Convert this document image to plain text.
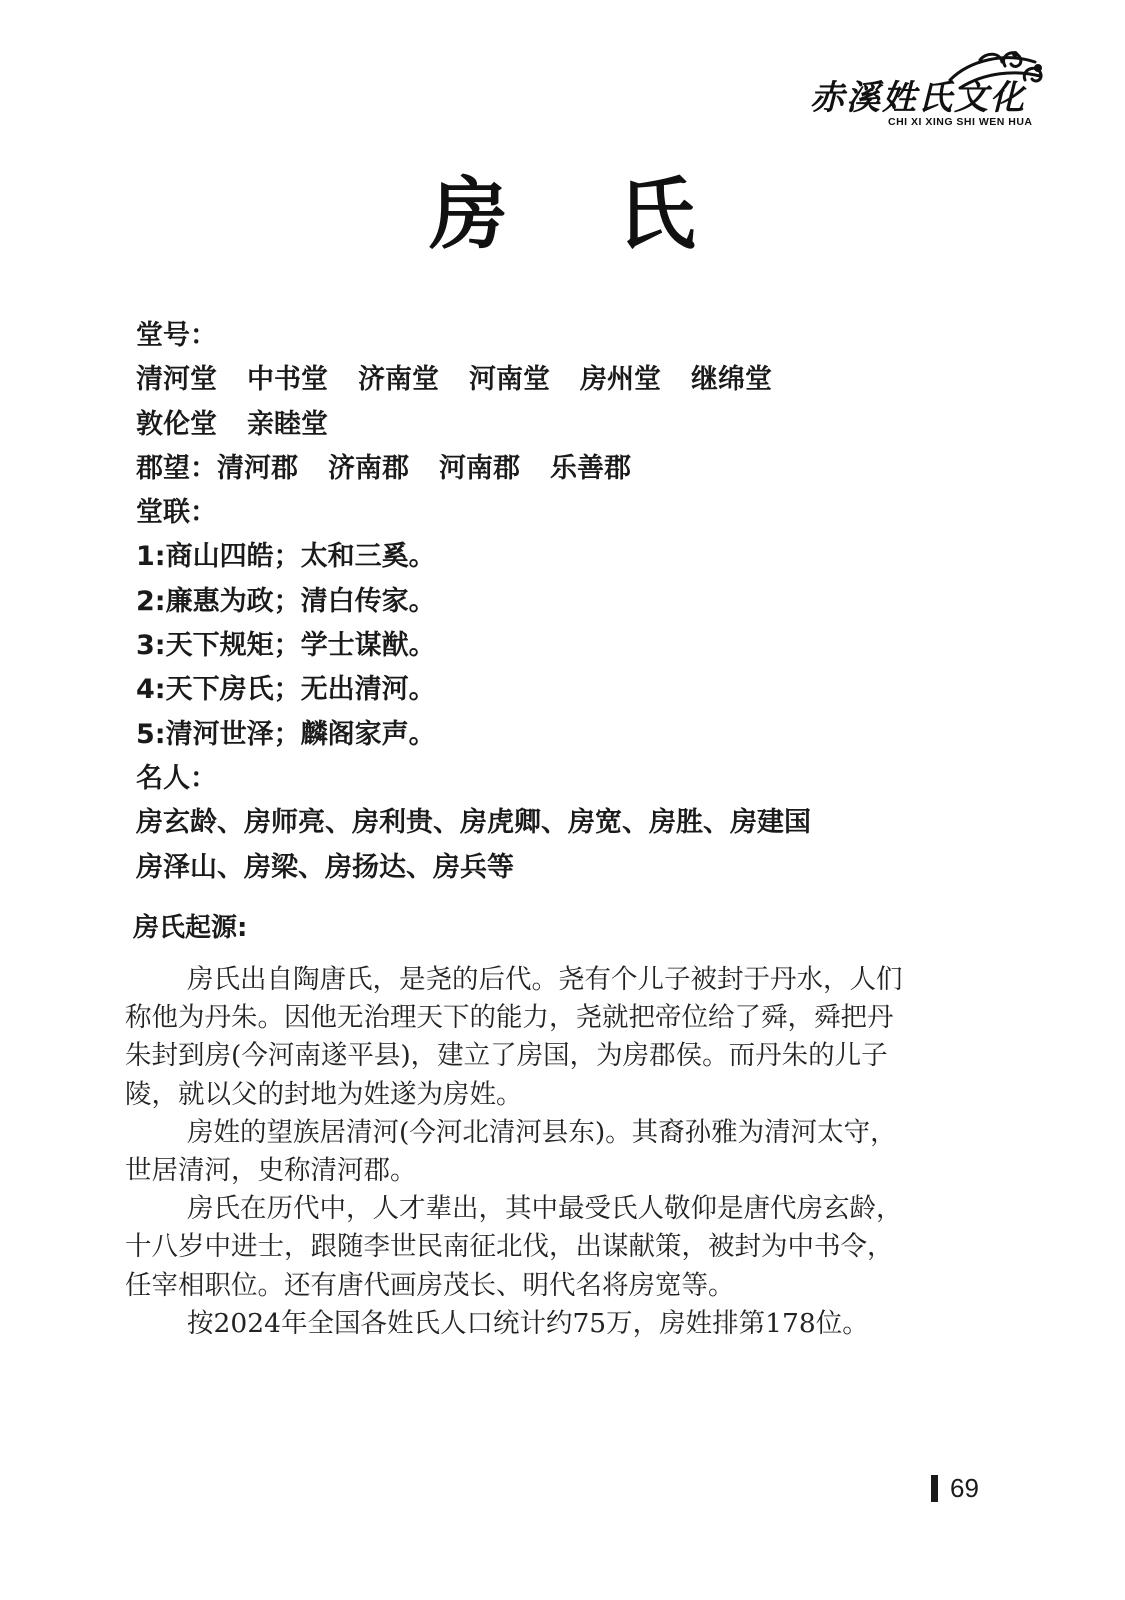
赤溪姓氏文化
CHI XI XING SHI WEN HUA
房 氏
堂号：
清河堂 中书堂 济南堂 河南堂 房州堂 继绵堂
敦伦堂 亲睦堂
郡望：清河郡 济南郡 河南郡 乐善郡
堂联：
1:商山四皓；太和三奚。
2:廉惠为政；清白传家。
3:天下规矩；学士谋猷。
4:天下房氏；无出清河。
5:清河世泽；麟阁家声。
名人：
房玄龄、房师亮、房利贵、房虎卿、房宽、房胜、房建国
房泽山、房梁、房扬达、房兵等
房氏起源:
房氏出自陶唐氏，是尧的后代。尧有个儿子被封于丹水，人们
称他为丹朱。因他无治理天下的能力，尧就把帝位给了舜，舜把丹
朱封到房(今河南遂平县)，建立了房国，为房郡侯。而丹朱的儿子
陵，就以父的封地为姓遂为房姓。
房姓的望族居清河(今河北清河县东)。其裔孙雅为清河太守，
世居清河，史称清河郡。
房氏在历代中，人才辈出，其中最受氏人敬仰是唐代房玄龄，
十八岁中进士，跟随李世民南征北伐，出谋献策，被封为中书令，
任宰相职位。还有唐代画房茂长、明代名将房宽等。
按2024年全国各姓氏人口统计约75万，房姓排第178位。
69
